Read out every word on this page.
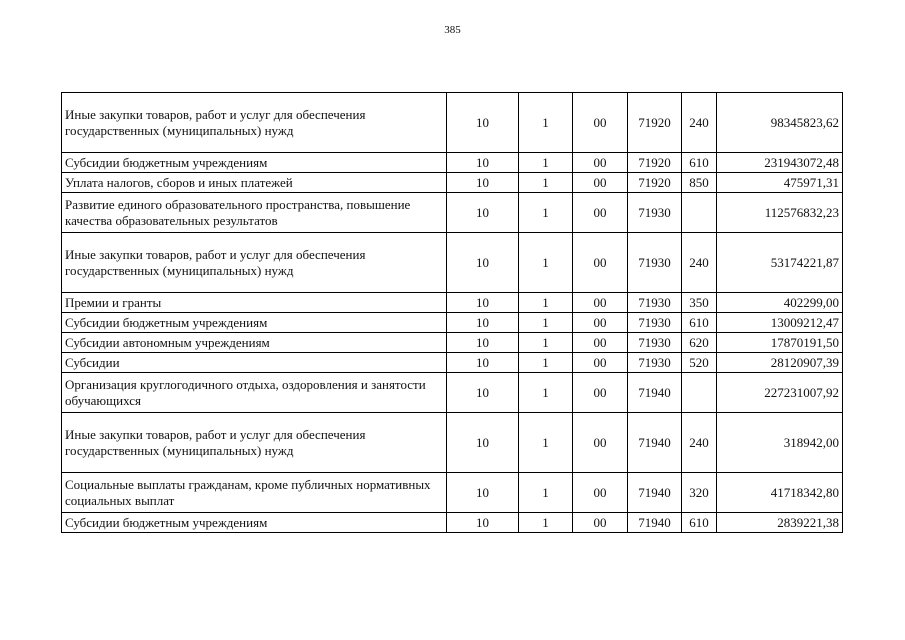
385
Иные закупки товаров, работ и услуг для обеспечения государственных (муниципальных) нужд	10	1	00	71920	240	98345823,62
Субсидии бюджетным учреждениям	10	1	00	71920	610	231943072,48
Уплата налогов, сборов и иных платежей	10	1	00	71920	850	475971,31
Развитие единого образовательного пространства, повышение качества образовательных результатов	10	1	00	71930		112576832,23
Иные закупки товаров, работ и услуг для обеспечения государственных (муниципальных) нужд	10	1	00	71930	240	53174221,87
Премии и гранты	10	1	00	71930	350	402299,00
Субсидии бюджетным учреждениям	10	1	00	71930	610	13009212,47
Субсидии автономным учреждениям	10	1	00	71930	620	17870191,50
Субсидии	10	1	00	71930	520	28120907,39
Организация круглогодичного отдыха, оздоровления и занятости обучающихся	10	1	00	71940		227231007,92
Иные закупки товаров, работ и услуг для обеспечения государственных (муниципальных) нужд	10	1	00	71940	240	318942,00
Социальные выплаты гражданам, кроме публичных нормативных социальных выплат	10	1	00	71940	320	41718342,80
Субсидии бюджетным учреждениям	10	1	00	71940	610	2839221,38
